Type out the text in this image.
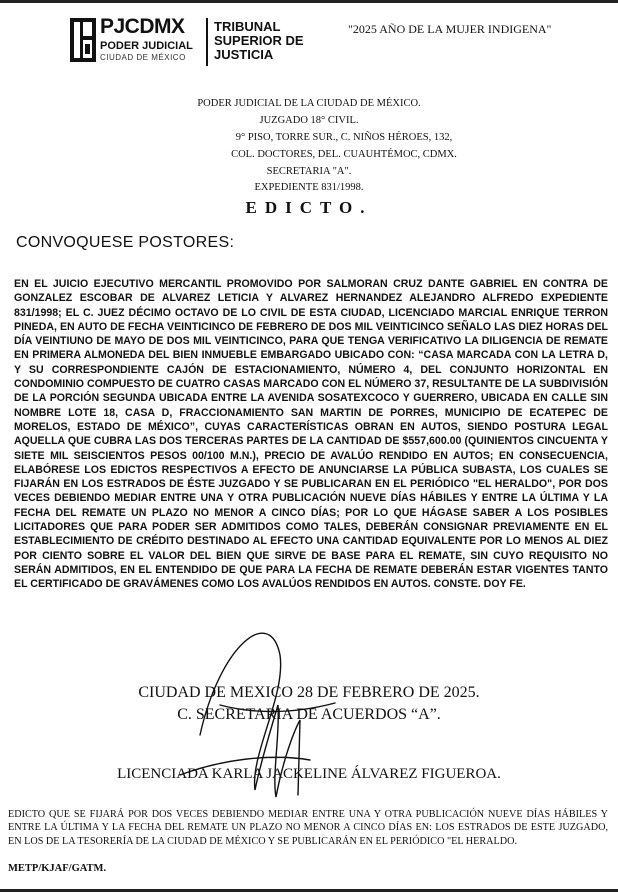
PJCDMX
PODER JUDICIAL
CIUDAD DE MÉXICO
TRIBUNAL
SUPERIOR DE
JUSTICIA
"2025 AÑO DE LA MUJER INDIGENA"
PODER JUDICIAL DE LA CIUDAD DE MÉXICO.
JUZGADO 18° CIVIL.
9° PISO, TORRE SUR., C. NIÑOS HÉROES, 132,
COL. DOCTORES, DEL. CUAUHTÉMOC, CDMX.
SECRETARIA "A".
EXPEDIENTE 831/1998.
EDICTO.
CONVOQUESE POSTORES:
EN EL JUICIO EJECUTIVO MERCANTIL PROMOVIDO POR SALMORAN CRUZ DANTE GABRIEL EN CONTRA DE GONZALEZ ESCOBAR DE ALVAREZ LETICIA Y ALVAREZ HERNANDEZ ALEJANDRO ALFREDO EXPEDIENTE 831/1998; EL C. JUEZ DÉCIMO OCTAVO DE LO CIVIL DE ESTA CIUDAD, LICENCIADO MARCIAL ENRIQUE TERRON PINEDA, EN AUTO DE FECHA VEINTICINCO DE FEBRERO DE DOS MIL VEINTICINCO SEÑALO LAS DIEZ HORAS DEL DÍA VEINTIUNO DE MAYO DE DOS MIL VEINTICINCO, PARA QUE TENGA VERIFICATIVO LA DILIGENCIA DE REMATE EN PRIMERA ALMONEDA DEL BIEN INMUEBLE EMBARGADO UBICADO CON: “CASA MARCADA CON LA LETRA D, Y SU CORRESPONDIENTE CAJÓN DE ESTACIONAMIENTO, NÚMERO 4, DEL CONJUNTO HORIZONTAL EN CONDOMINIO COMPUESTO DE CUATRO CASAS MARCADO CON EL NÚMERO 37, RESULTANTE DE LA SUBDIVISIÓN DE LA PORCIÓN SEGUNDA UBICADA ENTRE LA AVENIDA SOSATEXCOCO Y GUERRERO, UBICADA EN CALLE SIN NOMBRE LOTE 18, CASA D, FRACCIONAMIENTO SAN MARTIN DE PORRES, MUNICIPIO DE ECATEPEC DE MORELOS, ESTADO DE MÉXICO”, CUYAS CARACTERÍSTICAS OBRAN EN AUTOS, SIENDO POSTURA LEGAL AQUELLA QUE CUBRA LAS DOS TERCERAS PARTES DE LA CANTIDAD DE $557,600.00 (QUINIENTOS CINCUENTA Y SIETE MIL SEISCIENTOS PESOS 00/100 M.N.), PRECIO DE AVALÚO RENDIDO EN AUTOS; EN CONSECUENCIA, ELABÓRESE LOS EDICTOS RESPECTIVOS A EFECTO DE ANUNCIARSE LA PÚBLICA SUBASTA, LOS CUALES SE FIJARÁN EN LOS ESTRADOS DE ÉSTE JUZGADO Y SE PUBLICARAN EN EL PERIÓDICO "EL HERALDO", POR DOS VECES DEBIENDO MEDIAR ENTRE UNA Y OTRA PUBLICACIÓN NUEVE DÍAS HÁBILES Y ENTRE LA ÚLTIMA Y LA FECHA DEL REMATE UN PLAZO NO MENOR A CINCO DÍAS; POR LO QUE HÁGASE SABER A LOS POSIBLES LICITADORES QUE PARA PODER SER ADMITIDOS COMO TALES, DEBERÁN CONSIGNAR PREVIAMENTE EN EL ESTABLECIMIENTO DE CRÉDITO DESTINADO AL EFECTO UNA CANTIDAD EQUIVALENTE POR LO MENOS AL DIEZ POR CIENTO SOBRE EL VALOR DEL BIEN QUE SIRVE DE BASE PARA EL REMATE, SIN CUYO REQUISITO NO SERÁN ADMITIDOS, EN EL ENTENDIDO DE QUE PARA LA FECHA DE REMATE DEBERÁN ESTAR VIGENTES TANTO EL CERTIFICADO DE GRAVÁMENES COMO LOS AVALÚOS RENDIDOS EN AUTOS. CONSTE. DOY FE.
CIUDAD DE MEXICO 28 DE FEBRERO DE 2025.
C. SECRETARIA DE ACUERDOS “A”.
LICENCIADA KARLA JACKELINE ÁLVAREZ FIGUEROA.
EDICTO QUE SE FIJARÁ POR DOS VECES DEBIENDO MEDIAR ENTRE UNA Y OTRA PUBLICACIÓN NUEVE DÍAS HÁBILES Y ENTRE LA ÚLTIMA Y LA FECHA DEL REMATE UN PLAZO NO MENOR A CINCO DÍAS EN: LOS ESTRADOS DE ESTE JUZGADO, EN LOS DE LA TESORERÍA DE LA CIUDAD DE MÉXICO Y SE PUBLICARÁN EN EL PERIÓDICO "EL HERALDO.
METP/KJAF/GATM.
